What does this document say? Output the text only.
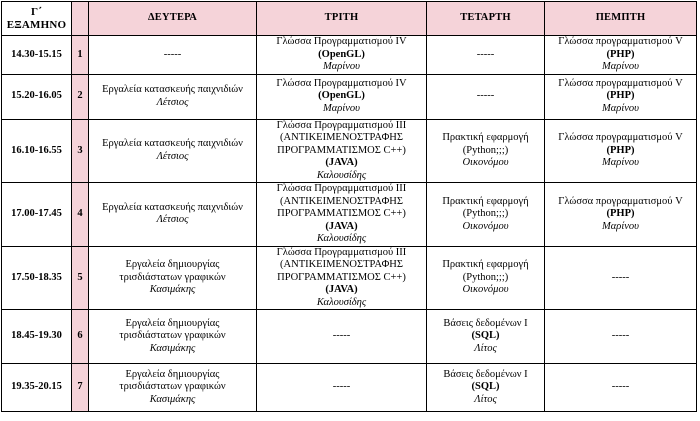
Γ΄
ΕΞΑΜΗΝΟ		ΔΕΥΤΕΡΑ	ΤΡΙΤΗ	ΤΕΤΑΡΤΗ	ΠΕΜΠΤΗ
14.30-15.15	1	-----	Γλώσσα Προγραμματισμού IV
(OpenGL)
Μαρίνου	-----	Γλώσσα προγραμματισμού V
(PHP)
Μαρίνου

15.20-16.05	2	Εργαλεία κατασκευής παιχνιδιών
Λέτσιος	Γλώσσα Προγραμματισμού IV
(OpenGL)
Μαρίνου	-----	Γλώσσα προγραμματισμού V
(PHP)
Μαρίνου

16.10-16.55	3	Εργαλεία κατασκευής παιχνιδιών
Λέτσιος	Γλώσσα Προγραμματισμού III
(ΑΝΤΙΚΕΙΜΕΝΟΣΤΡΑΦΗΣ
ΠΡΟΓΡΑΜΜΑΤΙΣΜΟΣ C++)
(JAVA)
Καλουσίδης	Πρακτική εφαρμογή
(Python;;;)
Οικονόμου	Γλώσσα προγραμματισμού V
(PHP)
Μαρίνου

17.00-17.45	4	Εργαλεία κατασκευής παιχνιδιών
Λέτσιος	Γλώσσα Προγραμματισμού III
(ΑΝΤΙΚΕΙΜΕΝΟΣΤΡΑΦΗΣ
ΠΡΟΓΡΑΜΜΑΤΙΣΜΟΣ C++)
(JAVA)
Καλουσίδης	Πρακτική εφαρμογή
(Python;;;)
Οικονόμου	Γλώσσα προγραμματισμού V
(PHP)
Μαρίνου

17.50-18.35	5	Εργαλεία δημιουργίας
τρισδιάστατων γραφικών
Κασιμάκης	Γλώσσα Προγραμματισμού III
(ΑΝΤΙΚΕΙΜΕΝΟΣΤΡΑΦΗΣ
ΠΡΟΓΡΑΜΜΑΤΙΣΜΟΣ C++)
(JAVA)
Καλουσίδης	Πρακτική εφαρμογή
(Python;;;)
Οικονόμου	-----

18.45-19.30	6	Εργαλεία δημιουργίας
τρισδιάστατων γραφικών
Κασιμάκης	-----	Βάσεις δεδομένων Ι
(SQL)
Λίτος	-----

19.35-20.15	7	Εργαλεία δημιουργίας
τρισδιάστατων γραφικών
Κασιμάκης	-----	Βάσεις δεδομένων Ι
(SQL)
Λίτος	-----
